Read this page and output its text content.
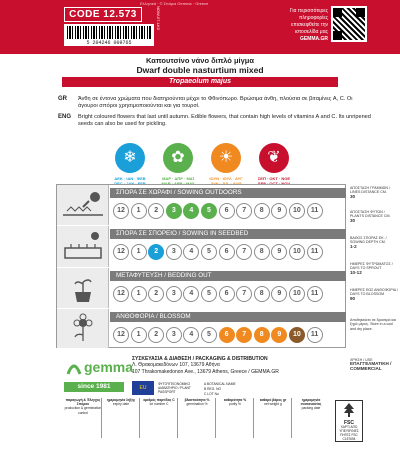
Ελληνικά · © Σπόροι Gemma · Greece
CODE 12.573
5 204246 009765
NOW-07-LK0	Για περισσότερες
πληροφορίες
επισκεφθείτε την
ιστοσελίδα μας
GEMMA.GR
Καπουτσίνο νάνο διπλό μίγμα
Dwarf double nasturtium mixed
Tropaeolum majus
GR	Άνθη σε έντονα χρώματα που διατηρούνται μέχρι το Φθινόπωρο. Βρώσιμα άνθη, πλούσια σε βιταμίνες A, C. Οι άγουροι σπόροι χρησιμοποιούνται και για τουρσί.
ENG	Bright coloured flowers that last until autumn. Edible flowers, that contain high levels of vitamins A and C. Its unripened seeds can also be used for pickling.
❄
ΔΕΚ · ΙΑΝ · ΦΕΒ
✿
ΜΑΡ · ΑΠΡ · ΜΑΪ
☀
ΙΟΥΝ · ΙΟΥΛ · ΑΥΓ
❦
ΣΕΠ · ΟΚΤ · ΝΟΕ
ΣΠΟΡΑ ΣΕ ΧΩΡΑΦΙ / SOWING OUTDOORS
12	1	2	3	4	5	6	7	8	9	10	11
ΣΠΟΡΑ ΣΕ ΣΠΟΡΕΙΟ / SOWING IN SEEDBED
12	1	2	3	4	5	6	7	8	9	10	11
ΜΕΤΑΦΥΤΕΥΣΗ / BEDDING OUT
12	1	2	3	4	5	6	7	8	9	10	11
ΑΝΘΟΦΟΡΙΑ / BLOSSOM
12	1	2	3	4	5	6	7	8	9	10	11
ΑΠΟΣΤΑΣΗ ΓΡΑΜΜΩΝ / LINES DISTANCE CM.
30
ΑΠΟΣΤΑΣΗ ΦΥΤΩΝ / PLANTS DISTANCE CM.
30
ΒΑΘΟΣ ΣΠΟΡΑΣ ΕΚ. / SOWING DEPTH CM.
1-2
ΗΜΕΡΕΣ ΦΥΤΡΩΜΑΤΟΣ / DAYS TO SPROUT
10-12
ΗΜΕΡΕΣ ΕΩΣ ΑΝΘΟΦΟΡΙΑ / DAYS TO BLOSSOM
90
Αποθηκεύετε σε δροσερό και ξηρό μέρος. Store in a cool and dry place.
ΧΡΗΣΗ / USE
ΕΠΑΓΓΕΛΜΑΤΙΚΗ / COMMERCIAL
gemma
since 1981
ΣΥΣΚΕΥΑΣΙΑ & ΔΙΑΘΕΣΗ / PACKAGING & DISTRIBUTION
Λ. Θρακομακεδόνων 107, 13679 Αθήνα
107 Thrakomakedonon Ave., 13679 Athens, Greece / GEMMA.GR
EU
ΦΥΤΟΫΓΕΙΟΝΟΜΙΚΟ ΔΙΑΒΑΤΗΡΙΟ / PLANT PASSPORT
A BOTANICAL NAME
B REG. NO
C LOT No
παραγωγή & Έλεγχος Σπόρου
production & germination control
ημερομηνία λήξης
expiry date
αριθμός παρτίδας C
lot number C
βλαστικότητα %
germination %
καθαρότητα %
purity %
καθαρό βάρος gr
net weight g
ημερομηνία συσκευασίας
packing date
FSC
ΧΑΡΤΙ ΑΠΟ ΥΠΕΥΘΥΝΕΣ ΠΗΓΕΣ FSC C157694
